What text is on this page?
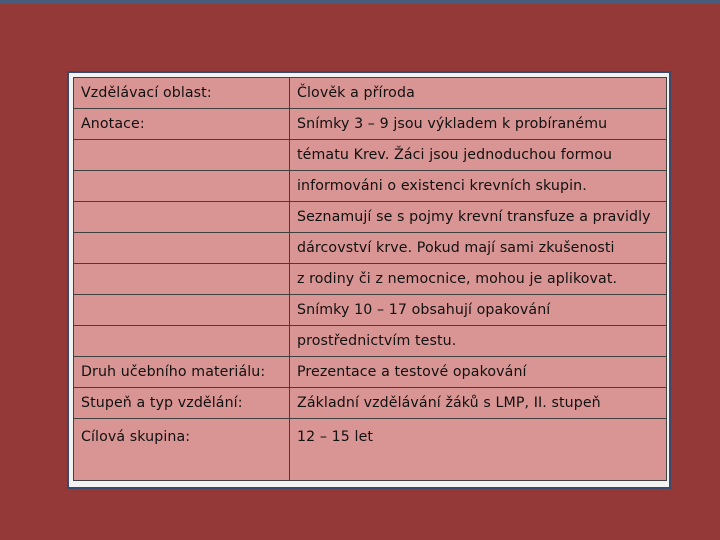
Vzdělávací oblast:	Člověk a příroda
Anotace:	Snímky 3 – 9 jsou výkladem k probíranému
	tématu Krev. Žáci jsou jednoduchou formou
	informováni o existenci krevních skupin.
	Seznamují se s pojmy krevní transfuze a pravidly
	dárcovství krve. Pokud mají sami zkušenosti
	z rodiny či z nemocnice, mohou je aplikovat.
	Snímky 10 – 17 obsahují opakování
	prostřednictvím testu.
Druh učebního materiálu:	Prezentace a testové opakování
Stupeň a typ vzdělání:	Základní vzdělávání žáků s LMP, II. stupeň
Cílová skupina:	12 – 15 let
